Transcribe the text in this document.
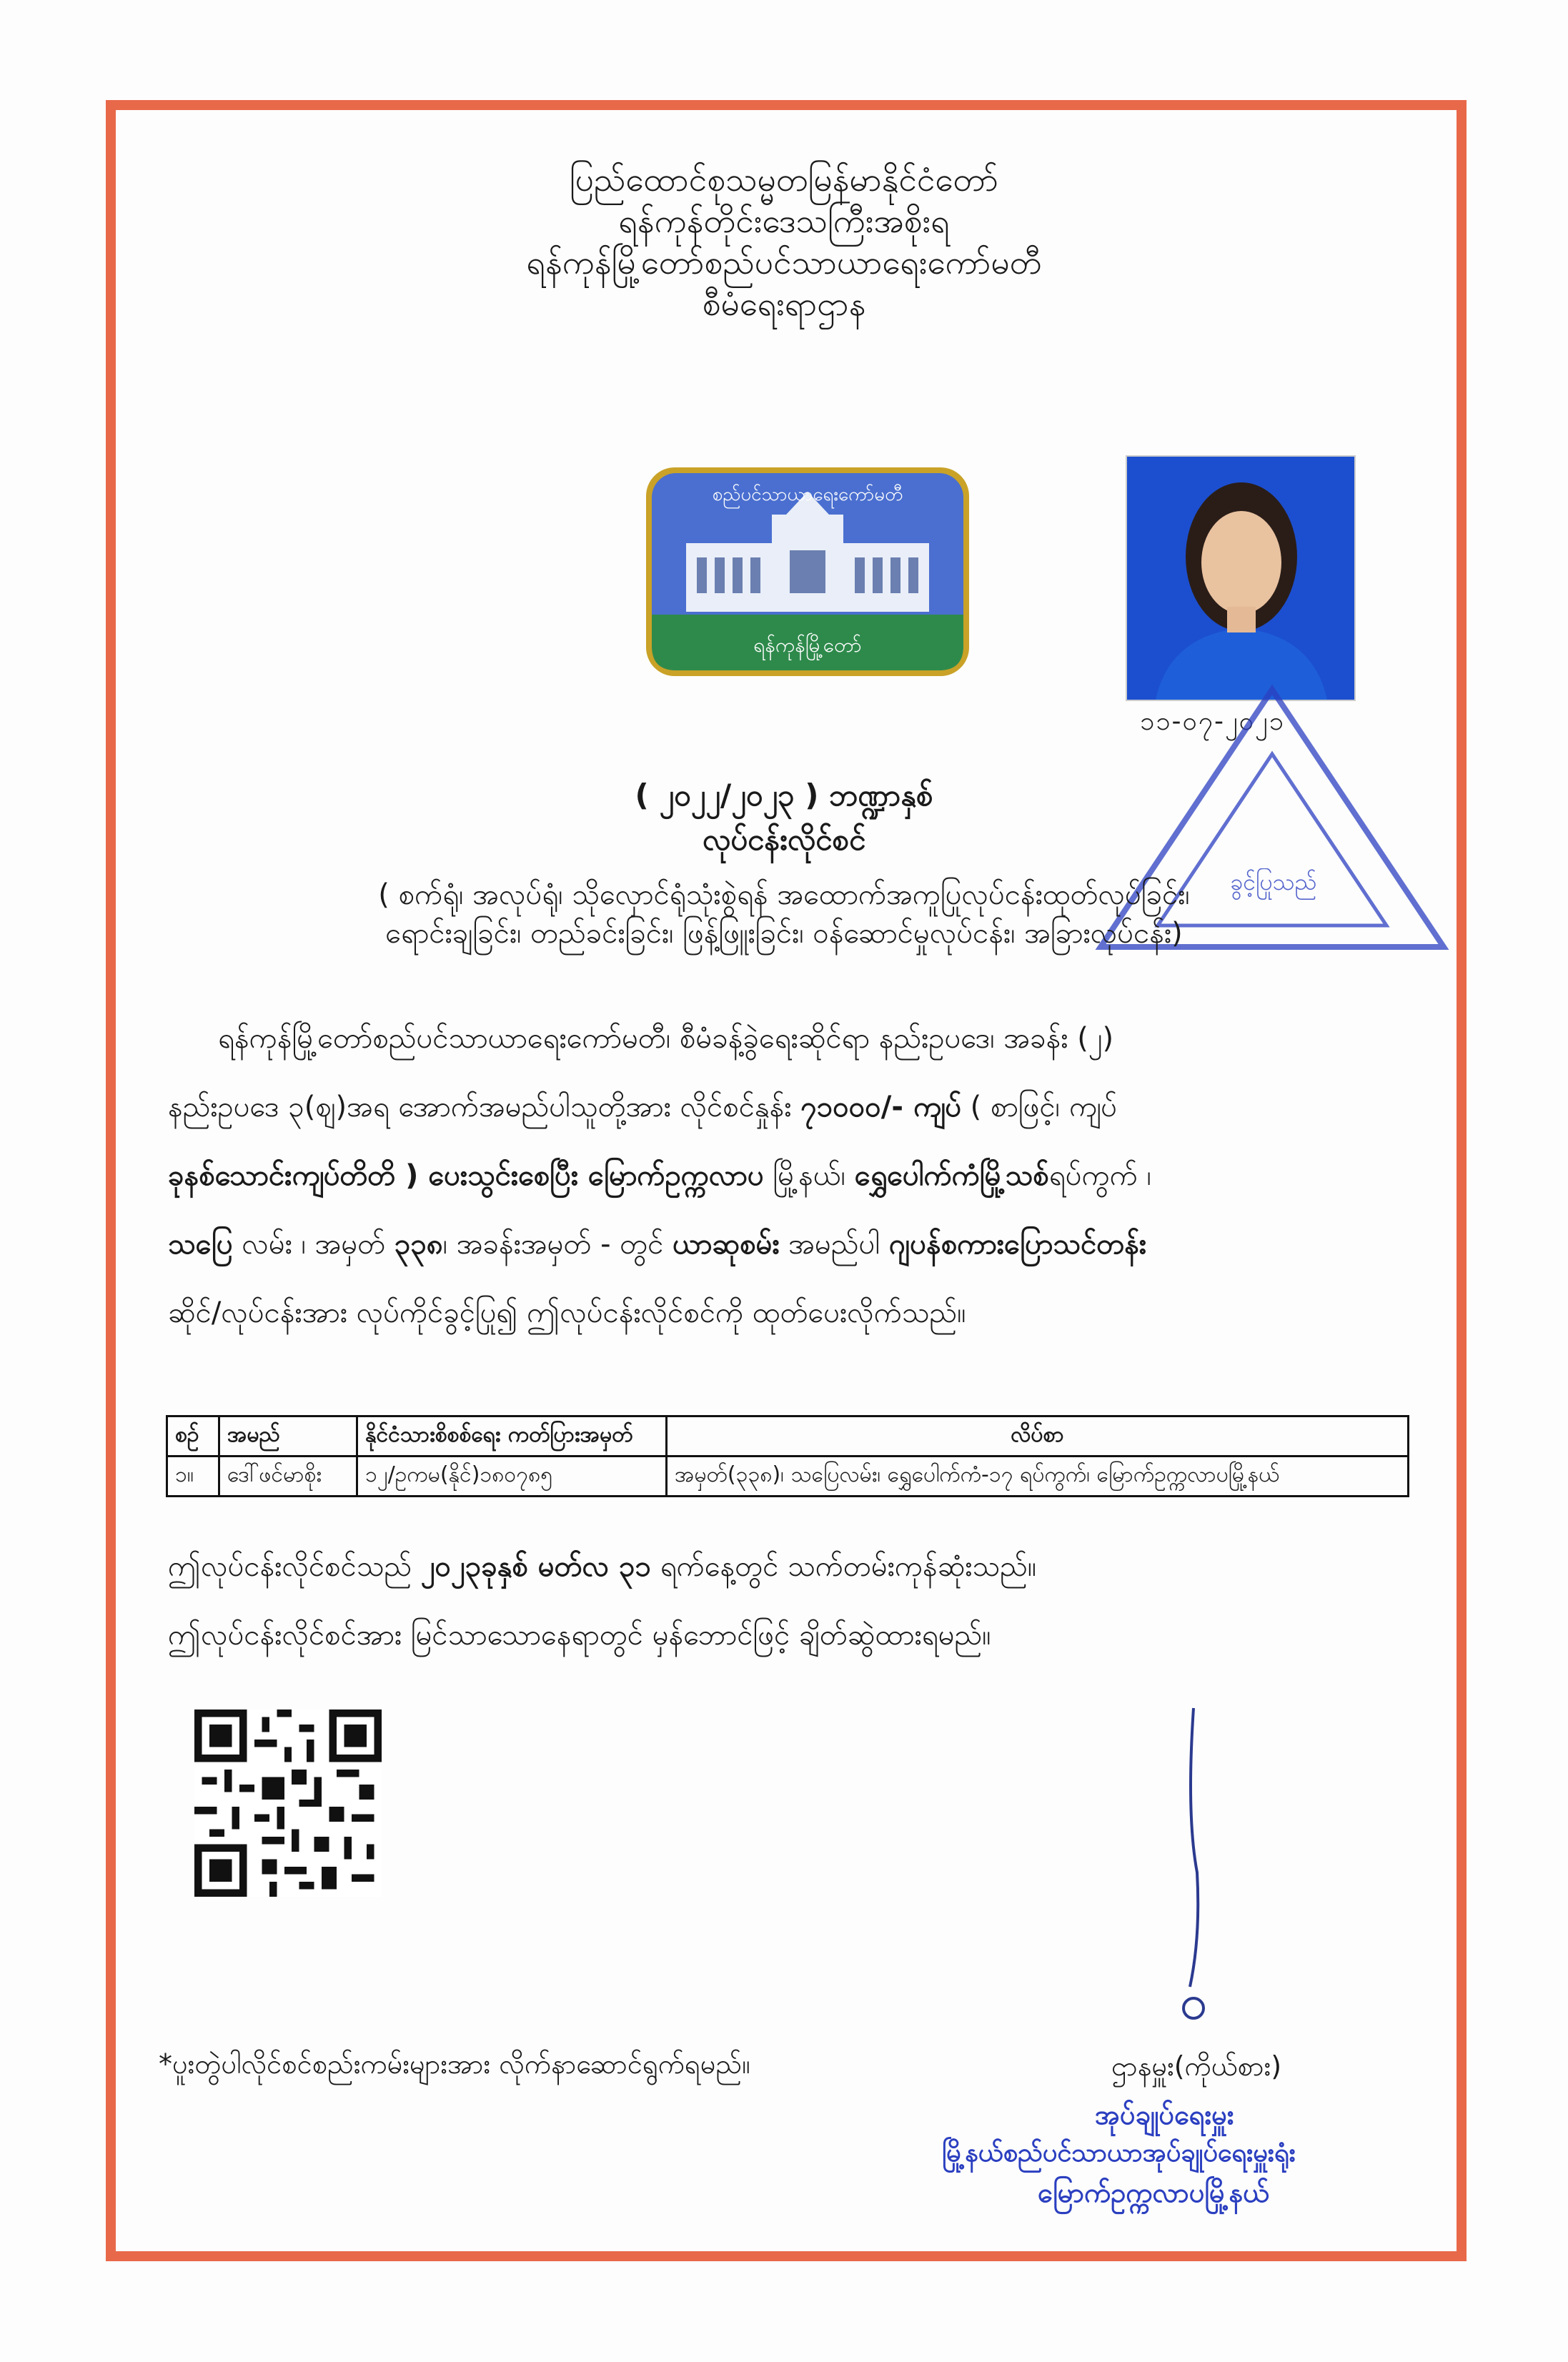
ပြည်ထောင်စုသမ္မတမြန်မာနိုင်ငံတော်
ရန်ကုန်တိုင်းဒေသကြီးအစိုးရ
ရန်ကုန်မြို့တော်စည်ပင်သာယာရေးကော်မတီ
စီမံရေးရာဌာန
စည်ပင်သာယာရေးကော်မတီ
ရန်ကုန်မြို့တော်
၁၁-၀၇-၂၀၂၁
ခွင့်ပြုသည်
( ၂၀၂၂/၂၀၂၃ ) ဘဏ္ဍာနှစ်
လုပ်ငန်းလိုင်စင်
( စက်ရုံ၊ အလုပ်ရုံ၊ သိုလှောင်ရုံသုံးစွဲရန် အထောက်အကူပြုလုပ်ငန်းထုတ်လုပ်ခြင်း၊
ရောင်းချခြင်း၊ တည်ခင်းခြင်း၊ ဖြန့်ဖြူးခြင်း၊ ဝန်ဆောင်မှုလုပ်ငန်း၊ အခြားလုပ်ငန်း)
ရန်ကုန်မြို့တော်စည်ပင်သာယာရေးကော်မတီ၊ စီမံခန့်ခွဲရေးဆိုင်ရာ နည်းဥပဒေ၊ အခန်း (၂)
နည်းဥပဒေ ၃(ဈ)အရ အောက်အမည်ပါသူတို့အား လိုင်စင်နှုန်း ၇၁၀၀၀/- ကျပ် ( စာဖြင့်၊ ကျပ်
ခုနစ်သောင်းကျပ်တိတိ ) ပေးသွင်းစေပြီး မြောက်ဥက္ကလာပ မြို့နယ်၊ ရွှေပေါက်ကံမြို့သစ်ရပ်ကွက် ၊
သပြေ လမ်း ၊ အမှတ် ၃၃၈၊ အခန်းအမှတ် - တွင် ယာဆုစမ်း အမည်ပါ ဂျပန်စကားပြောသင်တန်း
ဆိုင်/လုပ်ငန်းအား လုပ်ကိုင်ခွင့်ပြု၍ ဤလုပ်ငန်းလိုင်စင်ကို ထုတ်ပေးလိုက်သည်။
စဉ်	အမည်	နိုင်ငံသားစိစစ်ရေး ကတ်ပြားအမှတ်	လိပ်စာ
၁။	ဒေါ်ဖင်မာစိုး	၁၂/ဥကမ(နိုင်)၁၈၀၇၈၅	အမှတ်(၃၃၈)၊ သပြေလမ်း၊ ရွှေပေါက်ကံ-၁၇ ရပ်ကွက်၊ မြောက်ဥက္ကလာပမြို့နယ်
ဤလုပ်ငန်းလိုင်စင်သည် ၂၀၂၃ခုနှစ် မတ်လ ၃၁ ရက်နေ့တွင် သက်တမ်းကုန်ဆုံးသည်။
ဤလုပ်ငန်းလိုင်စင်အား မြင်သာသောနေရာတွင် မှန်ဘောင်ဖြင့် ချိတ်ဆွဲထားရမည်။
ဌာနမှူး(ကိုယ်စား)
အုပ်ချုပ်ရေးမှူး
မြို့နယ်စည်ပင်သာယာအုပ်ချုပ်ရေးမှူးရုံး
မြောက်ဥက္ကလာပမြို့နယ်
*ပူးတွဲပါလိုင်စင်စည်းကမ်းများအား လိုက်နာဆောင်ရွက်ရမည်။
